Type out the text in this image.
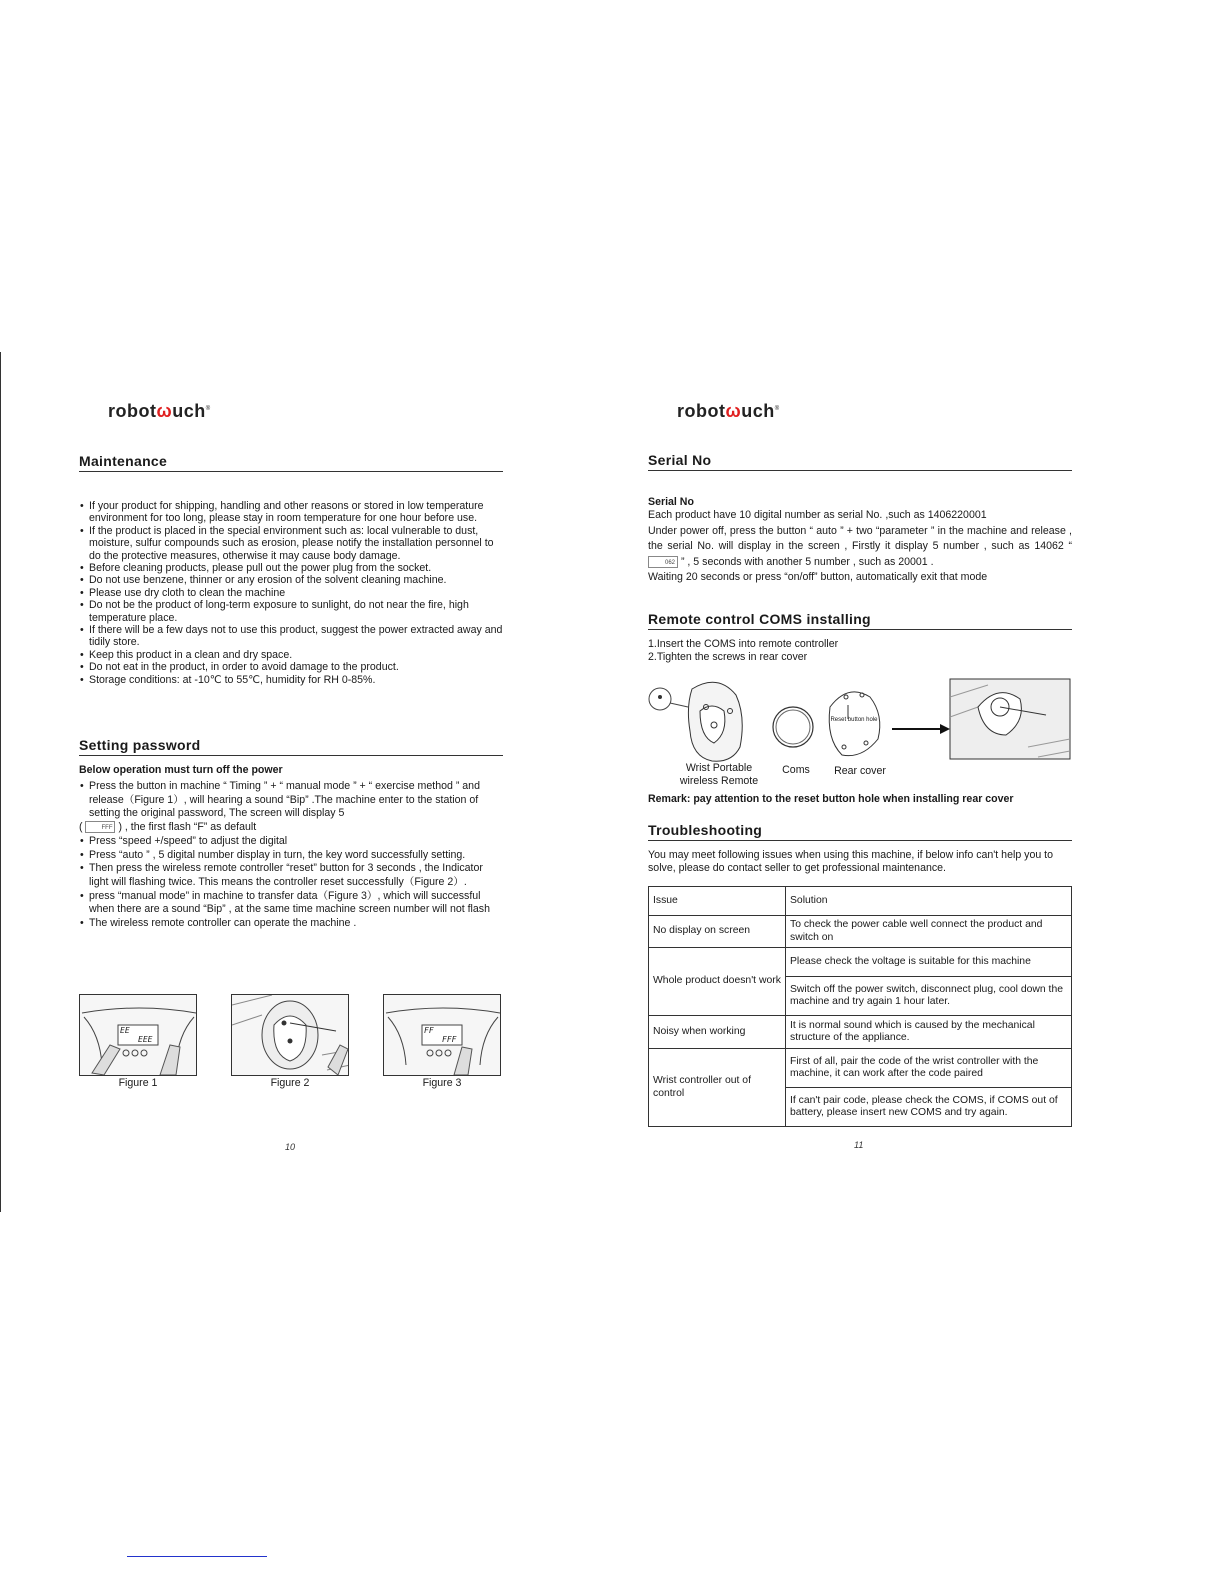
robotωuch®
Maintenance
• If your product for shipping, handling and other reasons or stored in low temperature environment for too long, please stay in room temperature for one hour before use.
• If the product is placed in the special environment such as: local vulnerable to dust, moisture, sulfur compounds such as erosion, please notify the installation personnel to do the protective measures, otherwise it may cause body damage.
• Before cleaning products, please pull out the power plug from the socket.
• Do not use benzene, thinner or any erosion of the solvent cleaning machine.
• Please use dry cloth to clean the machine
• Do not be the product of long-term exposure to sunlight, do not near the fire, high temperature place.
• If there will be a few days not to use this product, suggest the power extracted away and tidily store.
• Keep this product in a clean and dry space.
• Do not eat in the product, in order to avoid damage to the product.
• Storage conditions: at -10℃ to 55℃, humidity for RH 0-85%.
Setting password

Below operation must turn off the power

• Press the button in machine “ Timing ” + “ manual mode ” + “ exercise method ” and release（Figure 1）, will hearing a sound “Bip” .The machine enter to the station of setting the original password, The screen will display 5
(	FFF ) , the first flash “F” as default
• Press “speed +/speed” to adjust the digital
• Press “auto ” , 5 digital number display in turn, the key word successfully setting.
• Then press the wireless remote controller “reset” button for 3 seconds , the Indicator light will flashing twice. This means the controller reset successfully（Figure 2）.
• press “manual mode” in machine to transfer data（Figure 3）, which will successful when there are a sound “Bip” , at the same time machine screen number will not flash
• The wireless remote controller can operate the machine .
EE
EEE
Figure 1	Figure 2
FF
FFF
Figure 3
10
robotωuch®
Serial No

Serial No

Each product have 10 digital number as serial No. ,such as 1406220001

Under power off, press the button “ auto ” + two “parameter ” in the machine and release , the serial No. will display in the screen , Firstly it display 5 number , such as 14062 “ 062 ” , 5 seconds with another 5 number , such as 20001 .

Waiting 20 seconds or press “on/off” button, automatically exit that mode

Remote control COMS installing

1.Insert the COMS into remote controller

2.Tighten the screws in rear cover

Reset button hole
Wrist Portable wireless Remote
Coms	Rear cover

Remark: pay attention to the reset button hole when installing rear cover

Troubleshooting

You may meet following issues when using this machine, if below info can't help you to solve, please do contact seller to get professional maintenance.

Issue	Solution
No display on screen	To check the power cable well connect the product and switch on
Whole product doesn't work	Please check the voltage is suitable for this machine
	Switch off the power switch, disconnect plug, cool down the machine and try again 1 hour later.
Noisy when working	It is normal sound which is caused by the mechanical structure of the appliance.
Wrist controller out of control	First of all, pair the code of the wrist controller with the machine, it can work after the code paired
	If can't pair code, please check the COMS, if COMS out of battery, please insert new COMS and try again.
11
